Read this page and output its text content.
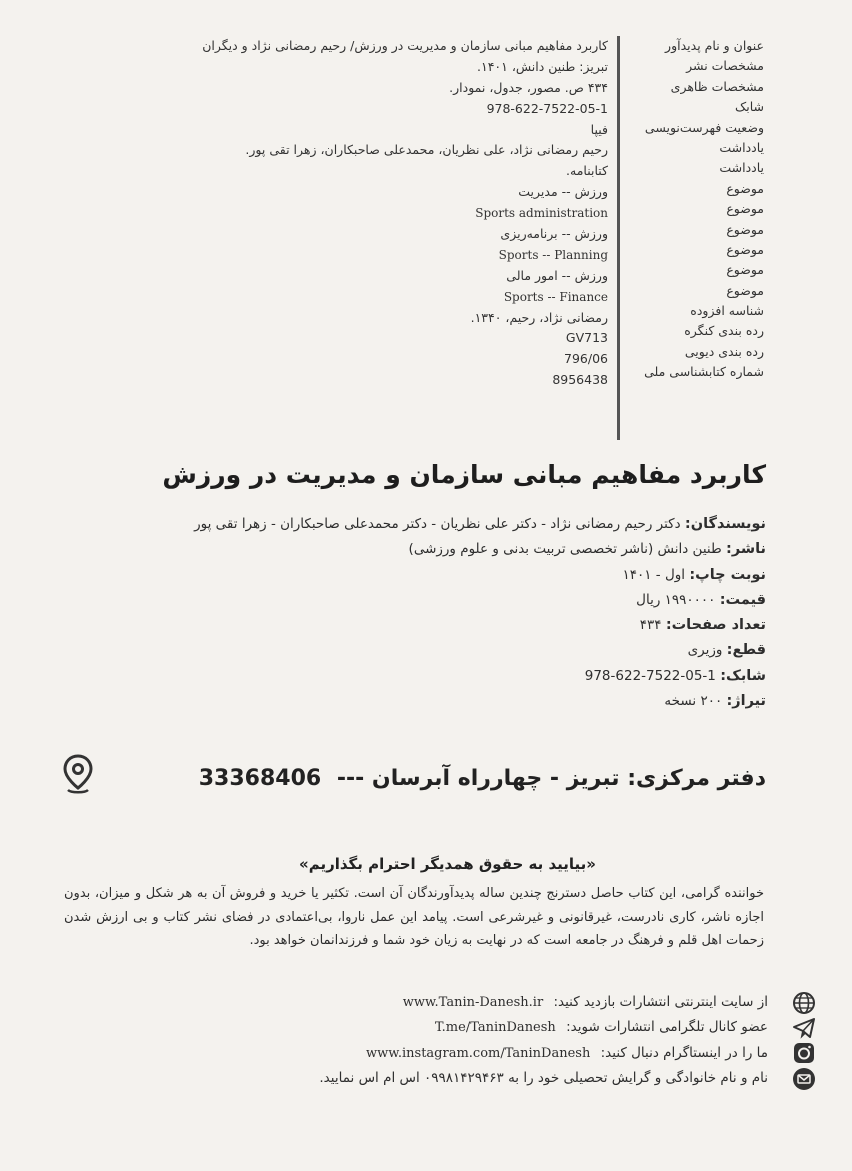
عنوان و نام پدیدآور
مشخصات نشر
مشخصات ظاهری
شابک
وضعیت فهرست‌نویسی
یادداشت
یادداشت
موضوع
موضوع
موضوع
موضوع
موضوع
موضوع
شناسه افزوده
رده بندی کنگره
رده بندی دیویی
شماره کتابشناسی ملی
کاربرد مفاهیم مبانی سازمان و مدیریت در ورزش/ رحیم رمضانی نژاد و دیگران
تبریز: طنین دانش، ۱۴۰۱.
۴۳۴ ص. مصور، جدول، نمودار.
978-622-7522-05-1
فیپا
رحیم رمضانی نژاد، علی نظریان، محمدعلی صاحبکاران، زهرا تقی پور.
کتابنامه.
ورزش -- مدیریت
Sports administration
ورزش -- برنامه‌ریزی
Sports -- Planning
ورزش -- امور مالی
Sports -- Finance
رمضانی نژاد، رحیم، ۱۳۴۰.
GV713
796/06
8956438
کاربرد مفاهیم مبانی سازمان و مدیریت در ورزش
نویسندگان: دکتر رحیم رمضانی نژاد - دکتر علی نظریان - دکتر محمدعلی صاحبکاران - زهرا تقی پور
ناشر: طنین دانش (ناشر تخصصی تربیت بدنی و علوم ورزشی)
نوبت چاپ: اول - ۱۴۰۱
قیمت: ۱۹۹۰۰۰۰ ریال
تعداد صفحات: ۴۳۴
قطع: وزیری
شابک: 978-622-7522-05-1
تیراژ: ۲۰۰ نسخه
دفتر مرکزی: تبریز - چهارراه آبرسان --- 33368406
«بیایید به حقوق همدیگر احترام بگذاریم»
خواننده گرامی، این کتاب حاصل دسترنج چندین ساله پدیدآورندگان آن است. تکثیر یا خرید و فروش آن به هر شکل و میزان، بدون اجازه ناشر، کاری نادرست، غیرقانونی و غیرشرعی است. پیامد این عمل ناروا، بی‌اعتمادی در فضای نشر کتاب و بی ارزش شدن زحمات اهل قلم و فرهنگ در جامعه است که در نهایت به زیان خود شما و فرزندانمان خواهد بود.
از سایت اینترنتی انتشارات بازدید کنید: www.Tanin-Danesh.ir
عضو کانال تلگرامی انتشارات شوید: T.me/TaninDanesh
ما را در اینستاگرام دنبال کنید: www.instagram.com/TaninDanesh
نام و نام خانوادگی و گرایش تحصیلی خود را به ۰۹۹۸۱۴۲۹۴۶۳ اس ام اس نمایید.
